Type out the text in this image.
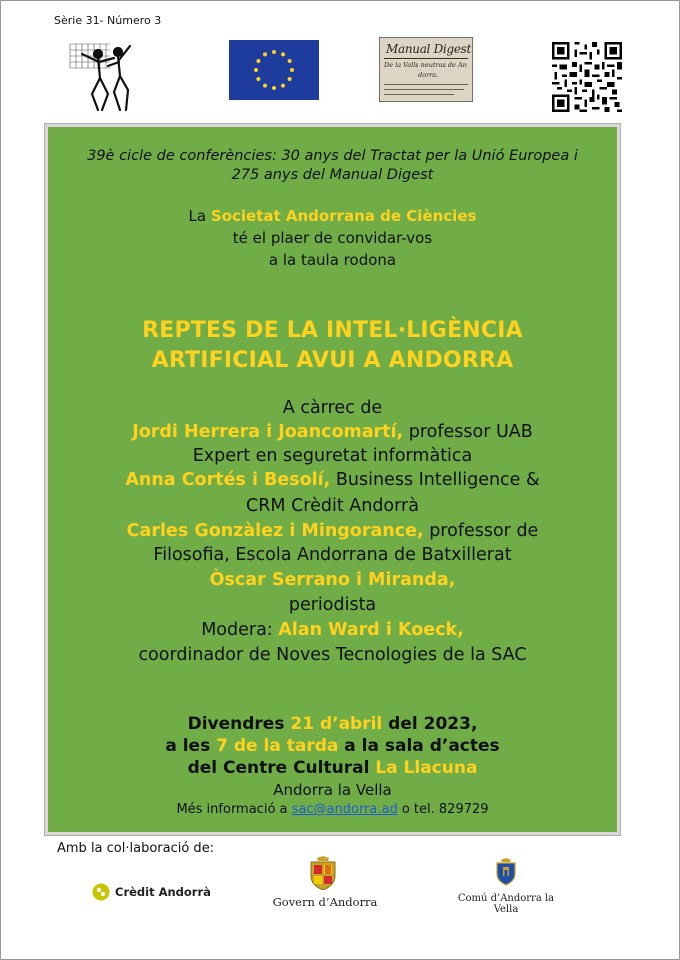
Sèrie 31- Número 3
Manual Digest
De la Valls neutras de An
dorra.
39è cicle de conferències: 30 anys del Tractat per la Unió Europea i
275 anys del Manual Digest
La Societat Andorrana de Ciències
té el plaer de convidar-vos
a la taula rodona
REPTES DE LA INTEL·LIGÈNCIA
ARTIFICIAL AVUI A ANDORRA
A càrrec de
Jordi Herrera i Joancomartí, professor UAB
Expert en seguretat informàtica
Anna Cortés i Besolí, Business Intelligence &
CRM Crèdit Andorrà
Carles Gonzàlez i Mingorance, professor de
Filosofia, Escola Andorrana de Batxillerat
Òscar Serrano i Miranda,
periodista
Modera: Alan Ward i Koeck,
coordinador de Noves Tecnologies de la SAC
Divendres 21 d’abril del 2023,
a les 7 de la tarda a la sala d’actes
del Centre Cultural La Llacuna
Andorra la Vella
Més informació a sac@andorra.ad o tel. 829729
Amb la col·laboració de:
Crèdit Andorrà
Govern d’Andorra	Comú d’Andorra la Vella
